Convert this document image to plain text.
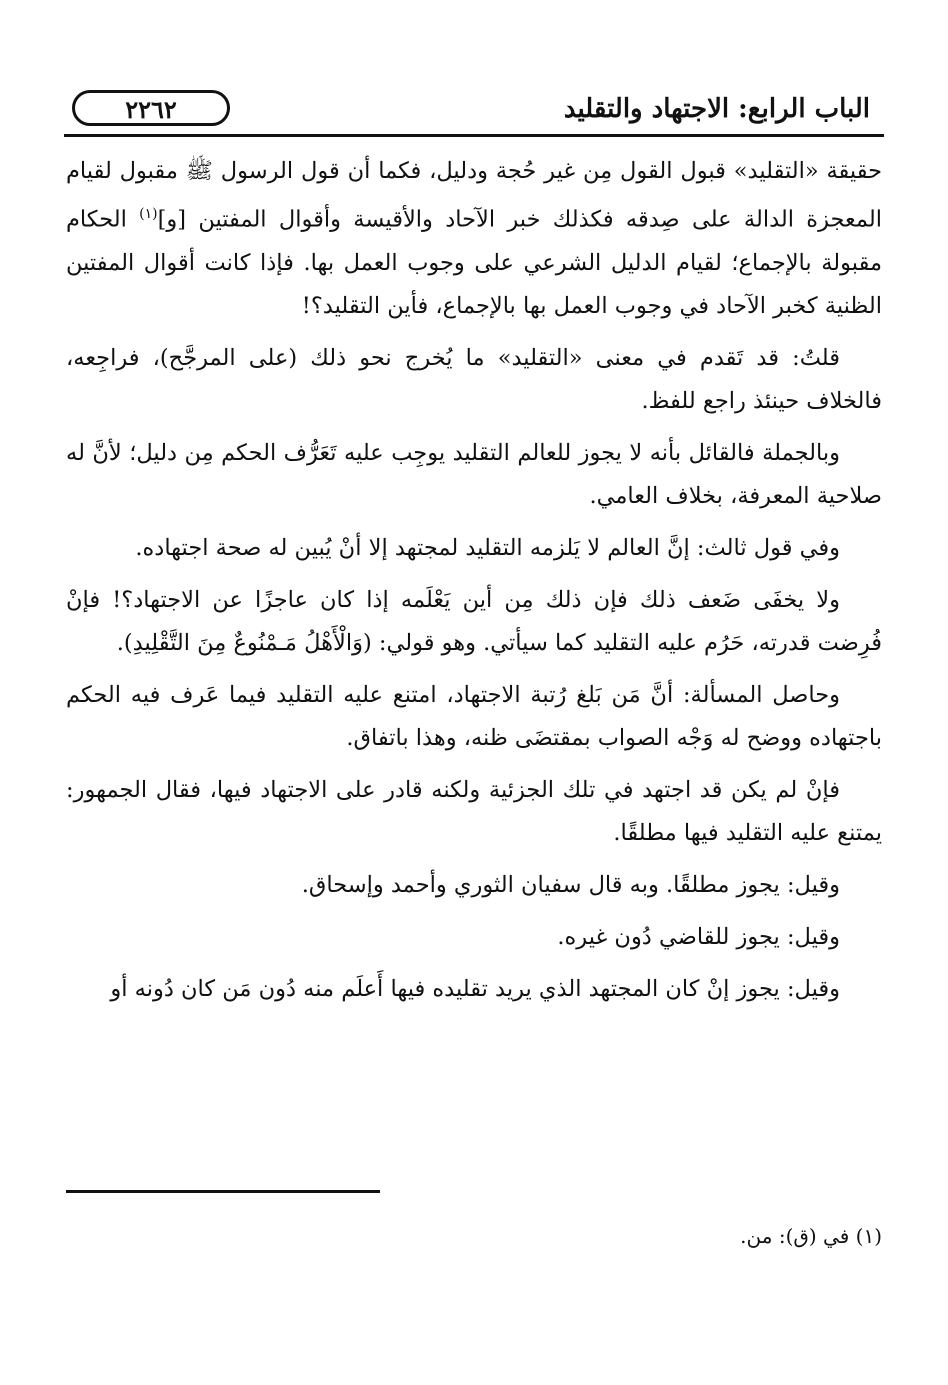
الباب الرابع: الاجتهاد والتقليد
٢٢٦٢

حقيقة «التقليد» قبول القول مِن غير حُجة ودليل، فكما أن قول الرسول ﷺ مقبول لقيام المعجزة الدالة على صِدقه فكذلك خبر الآحاد والأقيسة وأقوال المفتين [و]$^{(١)}$ الحكام مقبولة بالإجماع؛ لقيام الدليل الشرعي على وجوب العمل بها. فإذا كانت أقوال المفتين الظنية كخبر الآحاد في وجوب العمل بها بالإجماع، فأين التقليد؟!

قلتُ: قد تَقدم في معنى «التقليد» ما يُخرج نحو ذلك (على المرجَّح)، فراجِعه، فالخلاف حينئذ راجع للفظ.

وبالجملة فالقائل بأنه لا يجوز للعالم التقليد يوجِب عليه تَعَرُّف الحكم مِن دليل؛ لأنَّ له صلاحية المعرفة، بخلاف العامي.

وفي قول ثالث: إنَّ العالم لا يَلزمه التقليد لمجتهد إلا أنْ يُبين له صحة اجتهاده.

ولا يخفَى ضَعف ذلك فإن ذلك مِن أين يَعْلَمه إذا كان عاجزًا عن الاجتهاد؟! فإنْ فُرِضت قدرته، حَرُم عليه التقليد كما سيأتي. وهو قولي: (وَالْأَهْلُ مَـمْنُوعٌ مِنَ التَّقْلِيدِ).

وحاصل المسألة: أنَّ مَن بَلغ رُتبة الاجتهاد، امتنع عليه التقليد فيما عَرف فيه الحكم باجتهاده ووضح له وَجْه الصواب بمقتضَى ظنه، وهذا باتفاق.

فإنْ لم يكن قد اجتهد في تلك الجزئية ولكنه قادر على الاجتهاد فيها، فقال الجمهور: يمتنع عليه التقليد فيها مطلقًا.

وقيل: يجوز مطلقًا. وبه قال سفيان الثوري وأحمد وإسحاق.

وقيل: يجوز للقاضي دُون غيره.

وقيل: يجوز إنْ كان المجتهد الذي يريد تقليده فيها أَعلَم منه دُون مَن كان دُونه أو

(١) في (ق): من.
